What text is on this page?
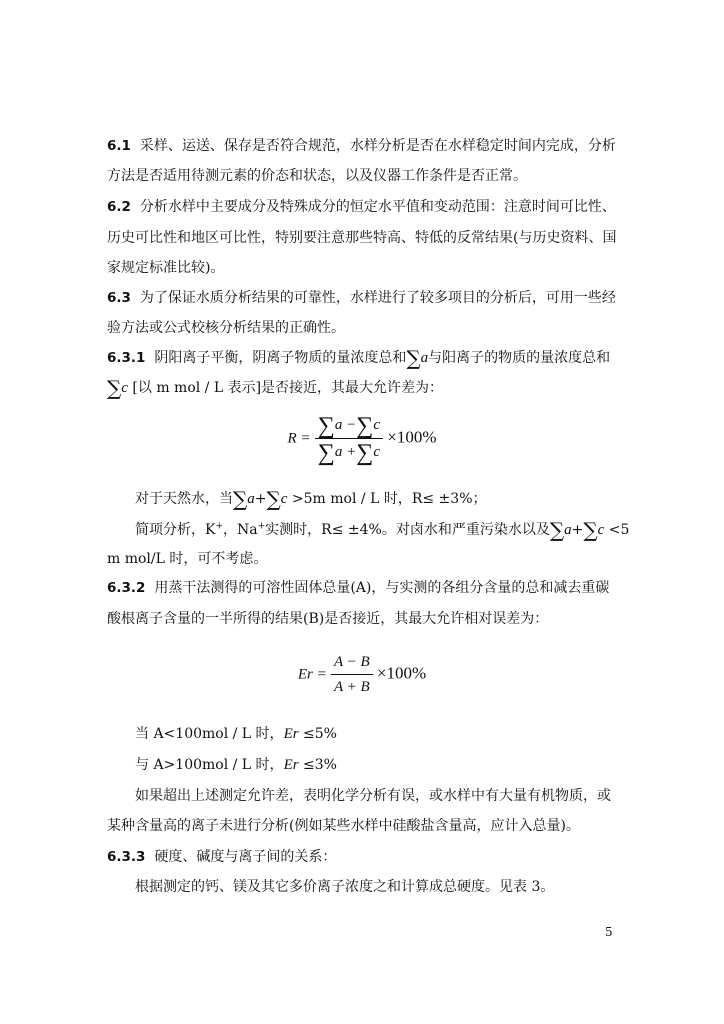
6.1 采样、运送、保存是否符合规范，水样分析是否在水样稳定时间内完成，分析
方法是否适用待测元素的价态和状态，以及仪器工作条件是否正常。
6.2 分析水样中主要成分及特殊成分的恒定水平值和变动范围：注意时间可比性、
历史可比性和地区可比性，特别要注意那些特高、特低的反常结果(与历史资料、国
家规定标准比较)。
6.3 为了保证水质分析结果的可靠性，水样进行了较多项目的分析后，可用一些经
验方法或公式校核分析结果的正确性。
6.3.1 阴阳离子平衡，阴离子物质的量浓度总和∑a与阳离子的物质的量浓度总和
∑c [以 m mol / L 表示]是否接近，其最大允许差为：
$R = \frac{\sum a -\sum c}{\sum a +\sum c} \times 100\%$
对于天然水，当∑a+∑c >5m mol / L 时，R≤ ±3%；
简项分析，K+，Na+实测时，R≤ ±4%。对卤水和严重污染水以及∑a+∑c <5
m mol/L 时，可不考虑。
6.3.2 用蒸干法测得的可溶性固体总量(A)，与实测的各组分含量的总和减去重碳
酸根离子含量的一半所得的结果(B)是否接近，其最大允许相对误差为：
$Er = \frac{A - B}{A + B} \times 100\%$
当 A<100mol / L 时，Er ≤5%
与 A>100mol / L 时，Er ≤3%
如果超出上述测定允许差，表明化学分析有误，或水样中有大量有机物质，或
某种含量高的离子未进行分析(例如某些水样中硅酸盐含量高，应计入总量)。
6.3.3 硬度、碱度与离子间的关系：
根据测定的钙、镁及其它多价离子浓度之和计算成总硬度。见表 3。
5
